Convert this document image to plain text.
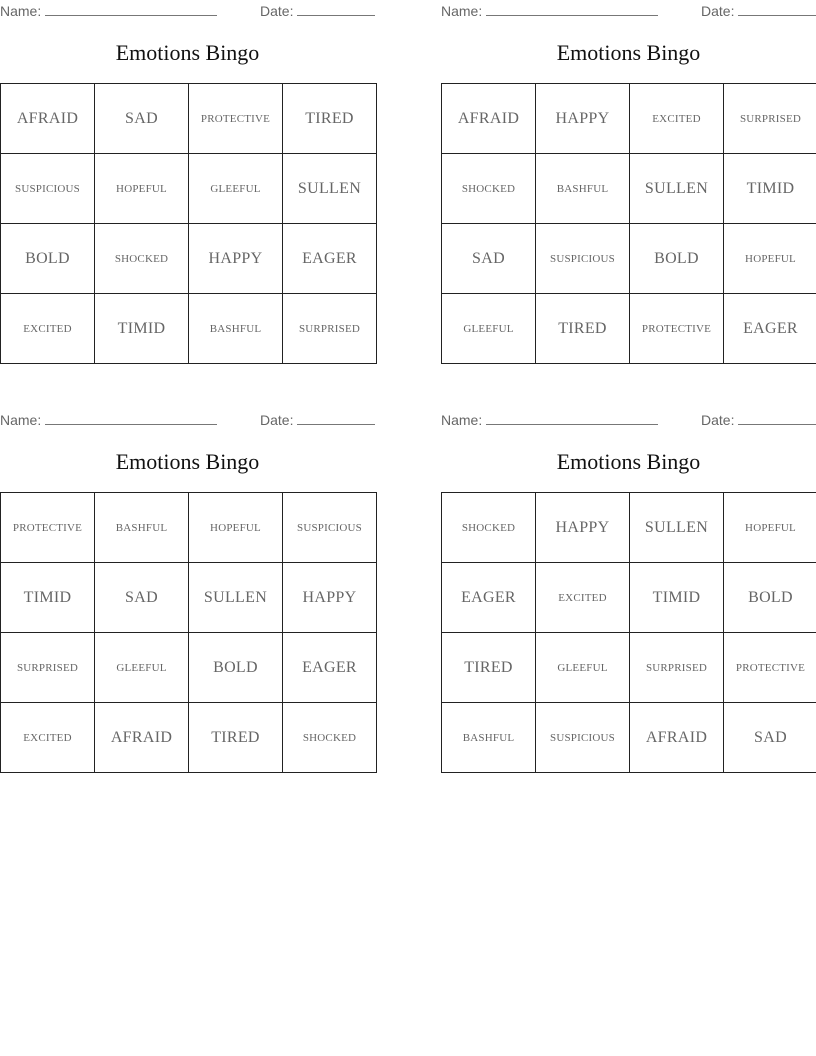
Name:	Date:
Emotions Bingo
AFRAID	SAD	PROTECTIVE	TIRED
SUSPICIOUS	HOPEFUL	GLEEFUL	SULLEN
BOLD	SHOCKED	HAPPY	EAGER
EXCITED	TIMID	BASHFUL	SURPRISED
Name:	Date:
Emotions Bingo
AFRAID	HAPPY	EXCITED	SURPRISED
SHOCKED	BASHFUL	SULLEN	TIMID
SAD	SUSPICIOUS	BOLD	HOPEFUL
GLEEFUL	TIRED	PROTECTIVE	EAGER
Name:	Date:
Emotions Bingo
PROTECTIVE	BASHFUL	HOPEFUL	SUSPICIOUS
TIMID	SAD	SULLEN	HAPPY
SURPRISED	GLEEFUL	BOLD	EAGER
EXCITED	AFRAID	TIRED	SHOCKED
Name:	Date:
Emotions Bingo
SHOCKED	HAPPY	SULLEN	HOPEFUL
EAGER	EXCITED	TIMID	BOLD
TIRED	GLEEFUL	SURPRISED	PROTECTIVE
BASHFUL	SUSPICIOUS	AFRAID	SAD
